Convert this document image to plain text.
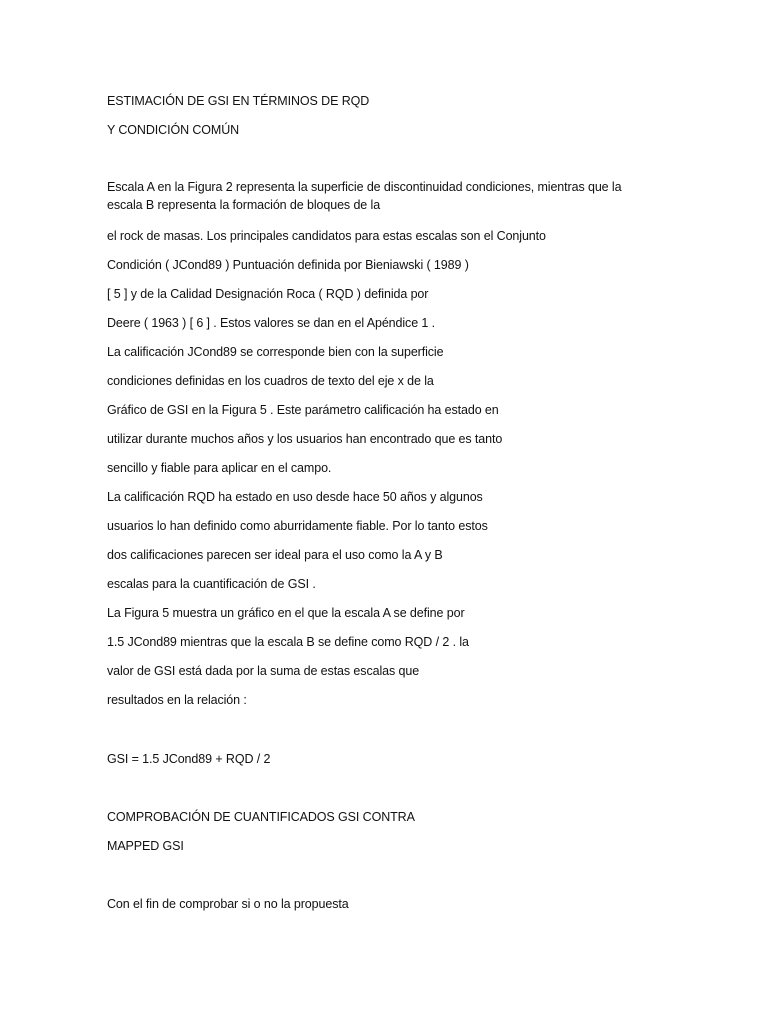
ESTIMACIÓN DE GSI EN TÉRMINOS DE RQD
Y CONDICIÓN COMÚN
Escala A en la Figura 2 representa la superficie de discontinuidad condiciones, mientras que la escala B representa la formación de bloques de la
el rock de masas. Los principales candidatos para estas escalas son el Conjunto
Condición ( JCond89 ) Puntuación definida por Bieniawski ( 1989 )
[ 5 ] y de la Calidad Designación Roca ( RQD ) definida por
Deere ( 1963 ) [ 6 ] . Estos valores se dan en el Apéndice 1 .
La calificación JCond89 se corresponde bien con la superficie
condiciones definidas en los cuadros de texto del eje x de la
Gráfico de GSI en la Figura 5 . Este parámetro calificación ha estado en
utilizar durante muchos años y los usuarios han encontrado que es tanto
sencillo y fiable para aplicar en el campo.
La calificación RQD ha estado en uso desde hace 50 años y algunos
usuarios lo han definido como aburridamente fiable. Por lo tanto estos
dos calificaciones parecen ser ideal para el uso como la A y B
escalas para la cuantificación de GSI .
La Figura 5 muestra un gráfico en el que la escala A se define por
1.5 JCond89 mientras que la escala B se define como RQD / 2 . la
valor de GSI está dada por la suma de estas escalas que
resultados en la relación :
GSI = 1.5 JCond89 + RQD / 2
COMPROBACIÓN DE CUANTIFICADOS GSI CONTRA
MAPPED GSI
Con el fin de comprobar si o no la propuesta
